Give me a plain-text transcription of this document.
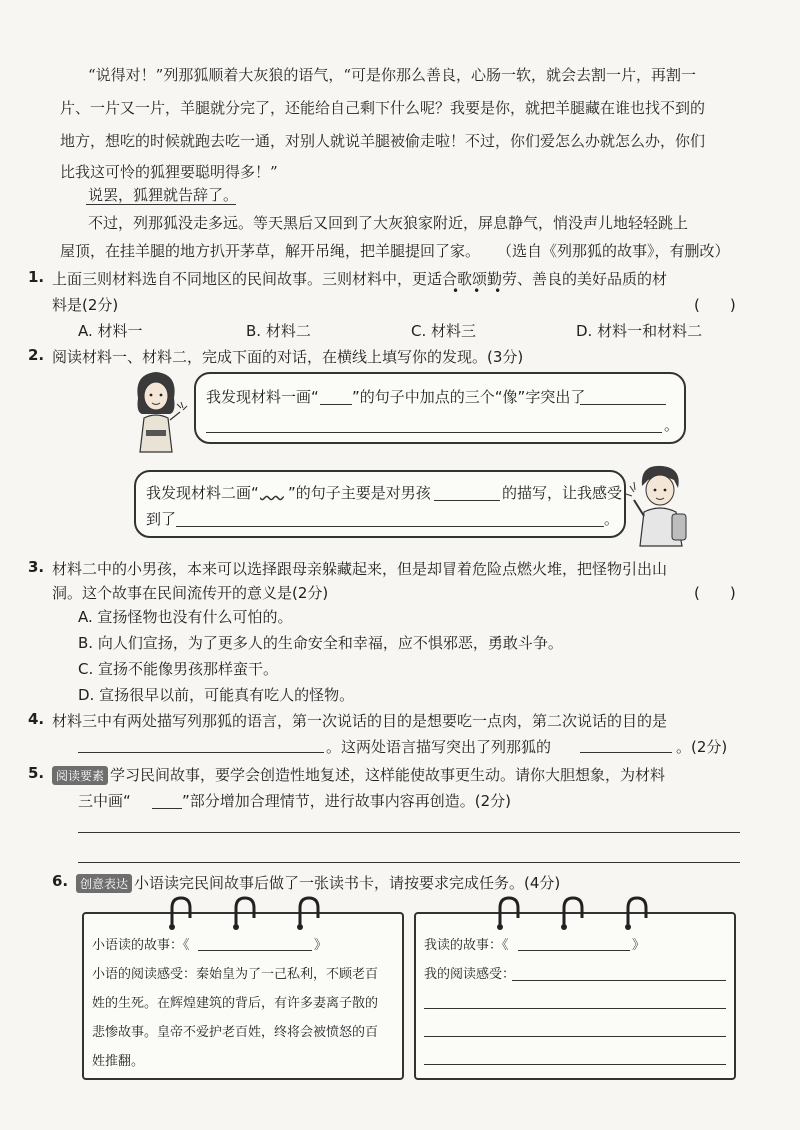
“说得对！”列那狐顺着大灰狼的语气，“可是你那么善良，心肠一软，就会去割一片，再割一
片、一片又一片，羊腿就分完了，还能给自己剩下什么呢？我要是你，就把羊腿藏在谁也找不到的
地方，想吃的时候就跑去吃一通，对别人就说羊腿被偷走啦！不过，你们爱怎么办就怎么办，你们
比我这可怜的狐狸要聪明得多！”
说罢，狐狸就告辞了。
不过，列那狐没走多远。等天黑后又回到了大灰狼家附近，屏息静气，悄没声儿地轻轻跳上
屋顶，在挂羊腿的地方扒开茅草，解开吊绳，把羊腿提回了家。 （选自《列那狐的故事》，有删改）
1. 上面三则材料选自不同地区的民间故事。三则材料中，更适合歌颂勤劳、善良的美好品质的材
•••
料是(2分)	(　　)
A. 材料一	B. 材料二	C. 材料三	D. 材料一和材料二
2. 阅读材料一、材料二，完成下面的对话，在横线上填写你的发现。(3分)
我发现材料一画“ ”的句子中加点的三个“像”字突出了
。
我发现材料二画“
”的句子主要是对男孩	的描写，让我感受
到了	。
3. 材料二中的小男孩，本来可以选择跟母亲躲藏起来，但是却冒着危险点燃火堆，把怪物引出山
洞。这个故事在民间流传开的意义是(2分)	(　　)
A. 宣扬怪物也没有什么可怕的。
B. 向人们宣扬，为了更多人的生命安全和幸福，应不惧邪恶，勇敢斗争。
C. 宣扬不能像男孩那样蛮干。
D. 宣扬很早以前，可能真有吃人的怪物。
4. 材料三中有两处描写列那狐的语言，第一次说话的目的是想要吃一点肉，第二次说话的目的是
。这两处语言描写突出了列那狐的	。(2分)
5. 阅读要素 学习民间故事，要学会创造性地复述，这样能使故事更生动。请你大胆想象，为材料
三中画“	”部分增加合理情节，进行故事内容再创造。(2分)
6. 创意表达 小语读完民间故事后做了一张读书卡，请按要求完成任务。(4分)
小语读的故事：《	》
小语的阅读感受：秦始皇为了一己私利，不顾老百
姓的生死。在辉煌建筑的背后，有许多妻离子散的
悲惨故事。皇帝不爱护老百姓，终将会被愤怒的百
姓推翻。
我读的故事：《	》
我的阅读感受：
